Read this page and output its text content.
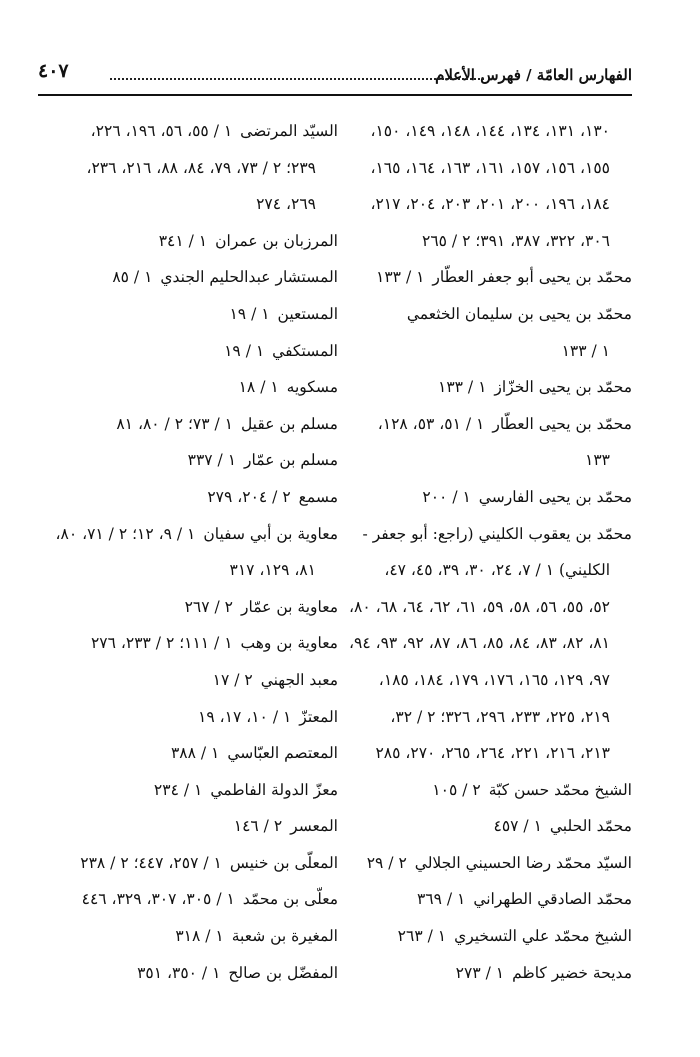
الفهارس العامّة / فهرس الأعلام
٤٠٧
١٣٠، ١٣١، ١٣٤، ١٤٤، ١٤٨، ١٤٩، ١٥٠،
١٥٥، ١٥٦، ١٥٧، ١٦١، ١٦٣، ١٦٤، ١٦٥،
١٨٤، ١٩٦، ٢٠٠، ٢٠١، ٢٠٣، ٢٠٤، ٢١٧،
٣٠٦، ٣٢٢، ٣٨٧، ٣٩١؛ ٢ / ٢٦٥
محمّد بن يحيى أبو جعفر العطّار١ / ١٣٣
محمّد بن يحيى بن سليمان الخثعمي
١ / ١٣٣
محمّد بن يحيى الخزّاز١ / ١٣٣
محمّد بن يحيى العطّار١ / ٥١، ٥٣، ١٢٨،
١٣٣
محمّد بن يحيى الفارسي١ / ٢٠٠
محمّد بن يعقوب الكليني (راجع: أبو جعفر -
الكليني) ١ / ٧، ٢٤، ٣٠، ٣٩، ٤٥، ٤٧،
٥٢، ٥٥، ٥٦، ٥٨، ٥٩، ٦١، ٦٢، ٦٤، ٦٨، ٨٠،
٨١، ٨٢، ٨٣، ٨٤، ٨٥، ٨٦، ٨٧، ٩٢، ٩٣، ٩٤،
٩٧، ١٢٩، ١٦٥، ١٧٦، ١٧٩، ١٨٤، ١٨٥،
٢١٩، ٢٢٥، ٢٣٣، ٢٩٦، ٣٢٦؛ ٢ / ٣٢،
٢١٣، ٢١٦، ٢٢١، ٢٦٤، ٢٦٥، ٢٧٠، ٢٨٥
الشيخ محمّد حسن كبّة٢ / ١٠٥
محمّد الحلبي١ / ٤٥٧
السيّد محمّد رضا الحسيني الجلالي٢ / ٢٩
محمّد الصادقي الطهراني١ / ٣٦٩
الشيخ محمّد علي التسخيري١ / ٢٦٣
مديحة خضير كاظم١ / ٢٧٣
السيّد المرتضى١ / ٥٥، ٥٦، ١٩٦، ٢٢٦،
٢٣٩؛ ٢ / ٧٣، ٧٩، ٨٤، ٨٨، ٢١٦، ٢٣٦،
٢٦٩، ٢٧٤
المرزبان بن عمران١ / ٣٤١
المستشار عبدالحليم الجندي١ / ٨٥
المستعين١ / ١٩
المستكفي١ / ١٩
مسكويه١ / ١٨
مسلم بن عقيل١ / ٧٣؛ ٢ / ٨٠، ٨١
مسلم بن عمّار١ / ٣٣٧
مسمع٢ / ٢٠٤، ٢٧٩
معاوية بن أبي سفيان١ / ٩، ١٢؛ ٢ / ٧١، ٨٠،
٨١، ١٢٩، ٣١٧
معاوية بن عمّار٢ / ٢٦٧
معاوية بن وهب١ / ١١١؛ ٢ / ٢٣٣، ٢٧٦
معبد الجهني٢ / ١٧
المعتزّ١ / ١٠، ١٧، ١٩
المعتصم العبّاسي١ / ٣٨٨
معزّ الدولة الفاطمي١ / ٢٣٤
المعسر٢ / ١٤٦
المعلّى بن خنيس١ / ٢٥٧، ٤٤٧؛ ٢ / ٢٣٨
معلّى بن محمّد١ / ٣٠٥، ٣٠٧، ٣٢٩، ٤٤٦
المغيرة بن شعبة١ / ٣١٨
المفضّل بن صالح١ / ٣٥٠، ٣٥١
